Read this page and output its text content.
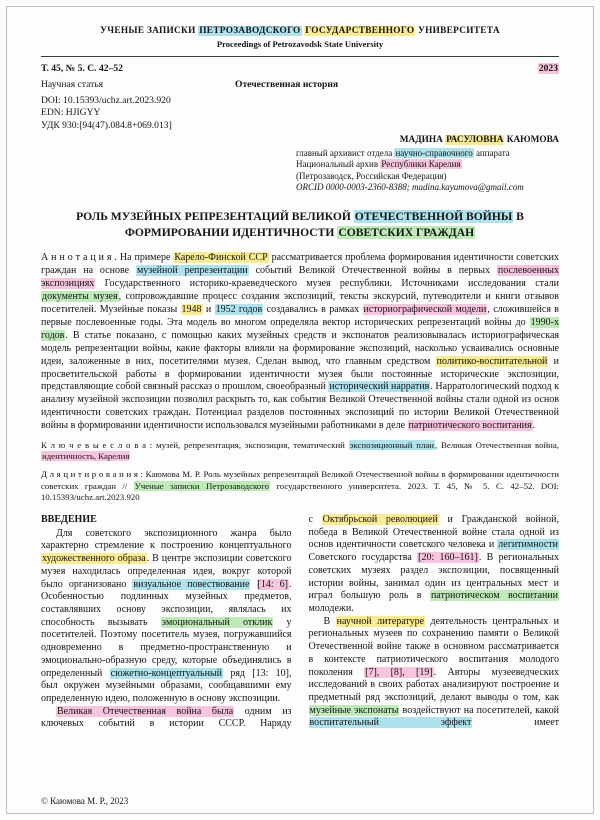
УЧЕНЫЕ ЗАПИСКИ ПЕТРОЗАВОДСКОГО ГОСУДАРСТВЕННОГО УНИВЕРСИТЕТА
Proceedings of Petrozavodsk State University
Т. 45, № 5. С. 42–52	2023
Научная статья	Отечественная история
DOI: 10.15393/uchz.art.2023.920
EDN: HJIGYY
УДК 930:[94(47).084.8+069.013]
МАДИНА РАСУЛОВНА КАЮМОВА
главный архивист отдела научно-справочного аппарата
Национальный архив Республики Карелия
(Петрозаводск, Российская Федерация)
ORCID 0000-0003-2360-8388; madina.kayumova@gmail.com
РОЛЬ МУЗЕЙНЫХ РЕПРЕЗЕНТАЦИЙ ВЕЛИКОЙ ОТЕЧЕСТВЕННОЙ ВОЙНЫ В ФОРМИРОВАНИИ ИДЕНТИЧНОСТИ СОВЕТСКИХ ГРАЖДАН

А н н о т а ц и я . На примере Карело-Финской ССР рассматривается проблема формирования идентичности советских граждан на основе музейной репрезентации событий Великой Отечественной войны в первых послевоенных экспозициях Государственного историко-краеведческого музея республики. Источниками исследования стали документы музея, сопровождавшие процесс создания экспозиций, тексты экскурсий, путеводители и книги отзывов посетителей. Музейные показы 1948 и 1952 годов создавались в рамках историографической модели, сложившейся в первые послевоенные годы. Эта модель во многом определяла вектор исторических репрезентаций войны до 1990-х годов. В статье показано, с помощью каких музейных средств и экспонатов реализовывалась историографическая модель репрезентации войны, какие факторы влияли на формирование экспозиций, насколько усваивались основные идеи, заложенные в них, посетителями музея. Сделан вывод, что главным средством политико-воспитательной и просветительской работы в формировании идентичности музея были постоянные исторические экспозиции, представляющие собой связный рассказ о прошлом, своеобразный исторический нарратив. Нарратологический подход к анализу музейной экспозиции позволил раскрыть то, как события Великой Отечественной войны стали одной из основ идентичности советских граждан. Потенциал разделов постоянных экспозиций по истории Великой Отечественной войны в формировании идентичности использовался музейными работниками в деле патриотического воспитания.

К л ю ч е в ы е с л о в а : музей, репрезентация, экспозиция, тематический экспозиционный план, Великая Отечественная война, идентичность, Карелия

Д л я ц и т и р о в а н и я : Каюмова М. Р. Роль музейных репрезентаций Великой Отечественной войны в формировании идентичности советских граждан // Ученые записки Петрозаводского государственного университета. 2023. Т. 45, № 5. С. 42–52. DOI: 10.15393/uchz.art.2023.920

ВВЕДЕНИЕ

Для советского экспозиционного жанра было характерно стремление к построению концептуального художественного образа. В центре экспозиции советского музея находилась определенная идея, вокруг которой было организовано визуальное повествование [14: 6]. Особенностью подлинных музейных предметов, составлявших основу экспозиции, являлась их способность вызывать эмоциональный отклик у посетителей. Поэтому посетитель музея, погружавшийся одновременно в предметно-пространственную и эмоционально-образную среду, которые объединялись в определенный сюжетно-концептуальный ряд [13: 10], был окружен музейными образами, сообщавшими ему определенную идею, положенную в основу экспозиции.

Великая Отечественная война была одним из ключевых событий в истории СССР. Наряду

с Октябрьской революцией и Гражданской войной, победа в Великой Отечественной войне стала одной из основ идентичности советского человека и легитимности Советского государства [20: 160–161]. В региональных советских музеях раздел экспозиции, посвященный истории войны, занимал один из центральных мест и играл большую роль в патриотическом воспитании молодежи.

В научной литературе деятельность центральных и региональных музеев по сохранению памяти о Великой Отечественной войне также в основном рассматривается в контексте патриотического воспитания молодого поколения [7], [8], [19]. Авторы музееведческих исследований в своих работах анализируют построение и предметный ряд экспозиций, делают выводы о том, как музейные экспонаты воздействуют на посетителей, какой воспитательный эффект имеет

© Каюмова М. Р., 2023
